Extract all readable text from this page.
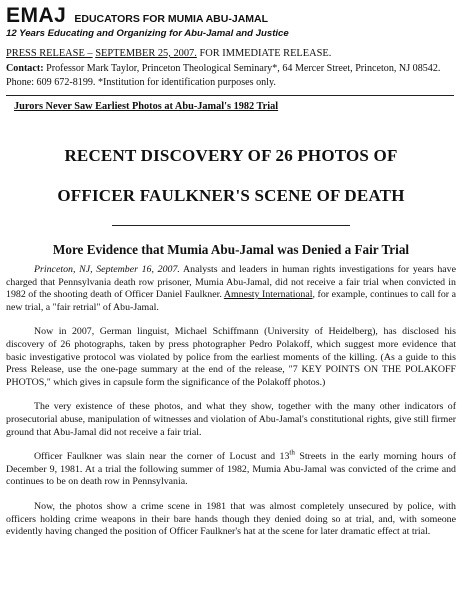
EMAJ EDUCATORS FOR MUMIA ABU-JAMAL
12 Years Educating and Organizing for Abu-Jamal and Justice
PRESS RELEASE – SEPTEMBER 25, 2007. FOR IMMEDIATE RELEASE.
Contact: Professor Mark Taylor, Princeton Theological Seminary*, 64 Mercer Street, Princeton, NJ 08542. Phone: 609 672-8199. *Institution for identification purposes only.
Jurors Never Saw Earliest Photos at Abu-Jamal's 1982 Trial
RECENT DISCOVERY OF 26 PHOTOS OF
OFFICER FAULKNER'S SCENE OF DEATH
More Evidence that Mumia Abu-Jamal was Denied a Fair Trial

Princeton, NJ, September 16, 2007. Analysts and leaders in human rights investigations for years have charged that Pennsylvania death row prisoner, Mumia Abu-Jamal, did not receive a fair trial when convicted in 1982 of the shooting death of Officer Daniel Faulkner. Amnesty International, for example, continues to call for a new trial, a "fair retrial" of Abu-Jamal.

Now in 2007, German linguist, Michael Schiffmann (University of Heidelberg), has disclosed his discovery of 26 photographs, taken by press photographer Pedro Polakoff, which suggest more evidence that basic investigative protocol was violated by police from the earliest moments of the killing. (As a guide to this Press Release, use the one-page summary at the end of the release, "7 KEY POINTS ON THE POLAKOFF PHOTOS," which gives in capsule form the significance of the Polakoff photos.)

The very existence of these photos, and what they show, together with the many other indicators of prosecutorial abuse, manipulation of witnesses and violation of Abu-Jamal's constitutional rights, give still firmer ground that Abu-Jamal did not receive a fair trial.

Officer Faulkner was slain near the corner of Locust and 13th Streets in the early morning hours of December 9, 1981. At a trial the following summer of 1982, Mumia Abu-Jamal was convicted of the crime and continues to be on death row in Pennsylvania.

Now, the photos show a crime scene in 1981 that was almost completely unsecured by police, with officers holding crime weapons in their bare hands though they denied doing so at trial, and, with someone evidently having changed the position of Officer Faulkner's hat at the scene for later dramatic effect at trial.
